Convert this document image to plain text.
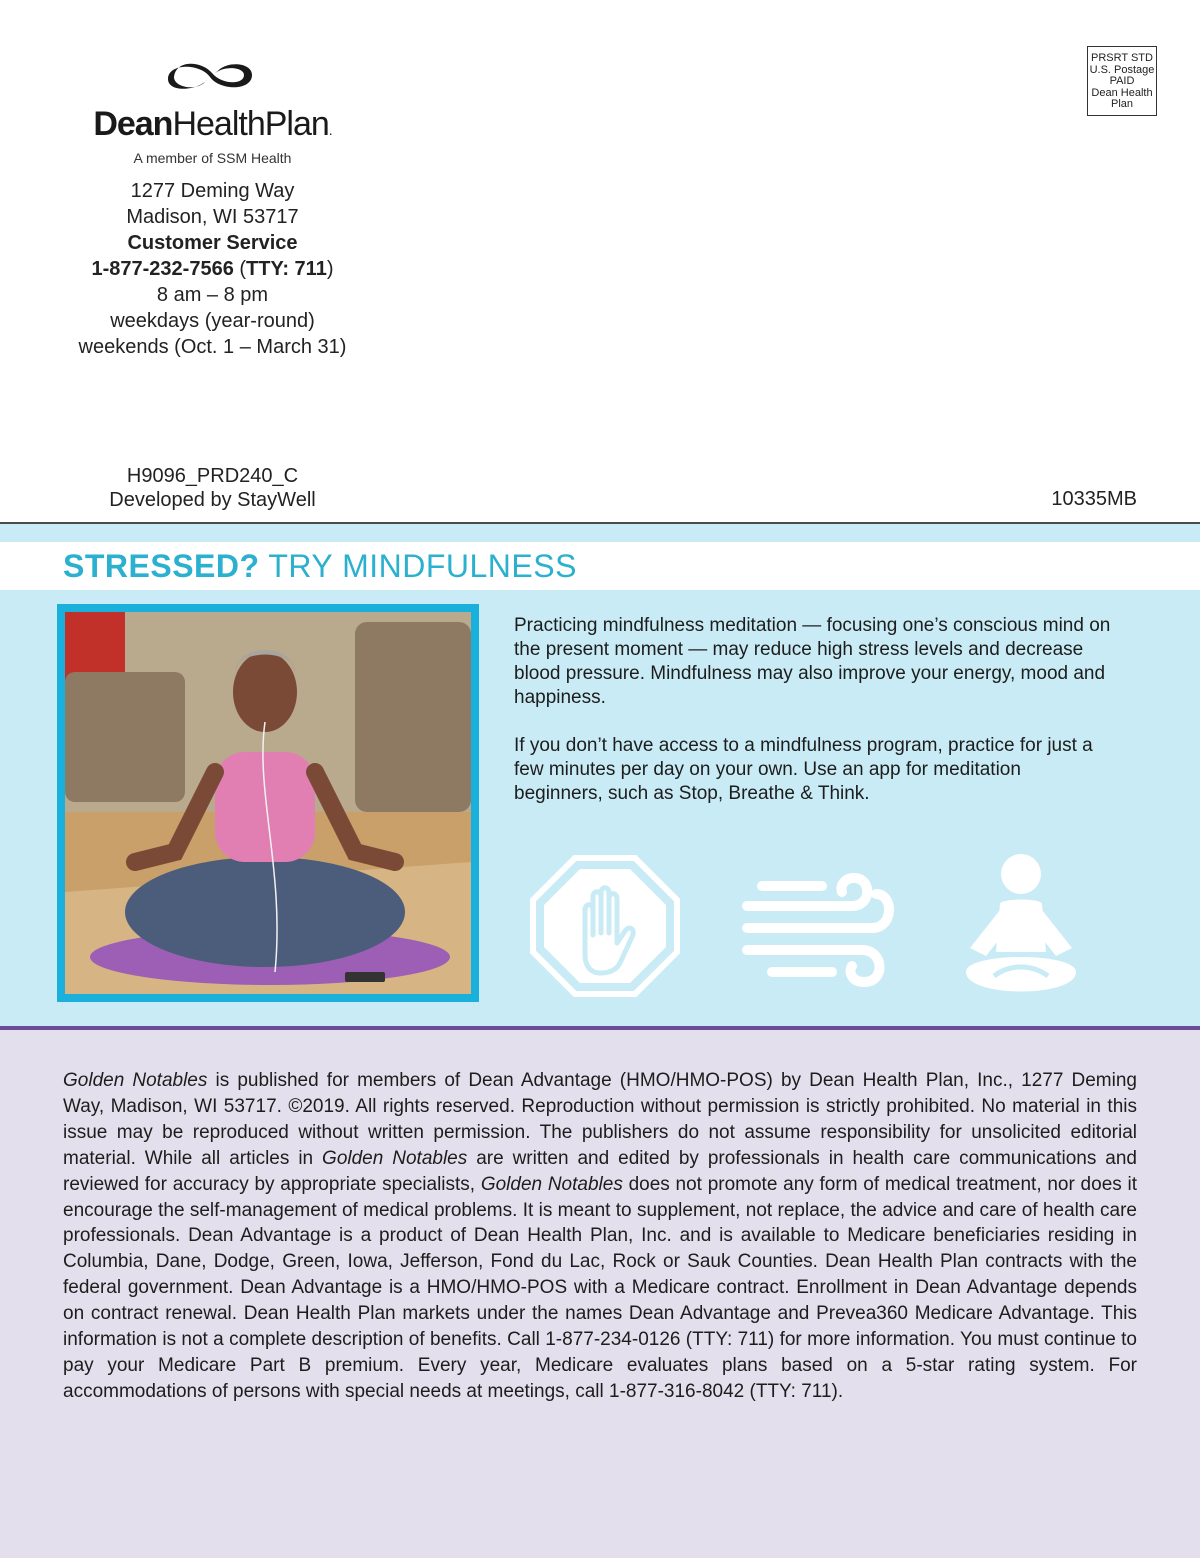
DeanHealthPlan.
A member of SSM Health
1277 Deming Way
Madison, WI 53717
Customer Service
1-877-232-7566 (TTY: 711)
8 am – 8 pm
weekdays (year-round)
weekends (Oct. 1 – March 31)
PRSRT STD
U.S. Postage
PAID
Dean Health
Plan
H9096_PRD240_C
Developed by StayWell	10335MB
STRESSED? TRY MINDFULNESS

Practicing mindfulness meditation — focusing one’s conscious mind on the present moment — may reduce high stress levels and decrease blood pressure. Mindfulness may also improve your energy, mood and happiness.

If you don’t have access to a mindfulness program, practice for just a few minutes per day on your own. Use an app for meditation beginners, such as Stop, Breathe & Think.

Golden Notables is published for members of Dean Advantage (HMO/HMO-POS) by Dean Health Plan, Inc., 1277 Deming Way, Madison, WI 53717. ©2019. All rights reserved. Reproduction without permission is strictly prohibited. No material in this issue may be reproduced without written permission. The publishers do not assume responsibility for unsolicited editorial material. While all articles in Golden Notables are written and edited by professionals in health care communications and reviewed for accuracy by appropriate specialists, Golden Notables does not promote any form of medical treatment, nor does it encourage the self-management of medical problems. It is meant to supplement, not replace, the advice and care of health care professionals. Dean Advantage is a product of Dean Health Plan, Inc. and is available to Medicare beneficiaries residing in Columbia, Dane, Dodge, Green, Iowa, Jefferson, Fond du Lac, Rock or Sauk Counties. Dean Health Plan contracts with the federal government. Dean Advantage is a HMO/HMO-POS with a Medicare contract. Enrollment in Dean Advantage depends on contract renewal. Dean Health Plan markets under the names Dean Advantage and Prevea360 Medicare Advantage. This information is not a complete description of benefits. Call 1-877-234-0126 (TTY: 711) for more information. You must continue to pay your Medicare Part B premium. Every year, Medicare evaluates plans based on a 5-star rating system. For accommodations of persons with special needs at meetings, call 1-877-316-8042 (TTY: 711).
